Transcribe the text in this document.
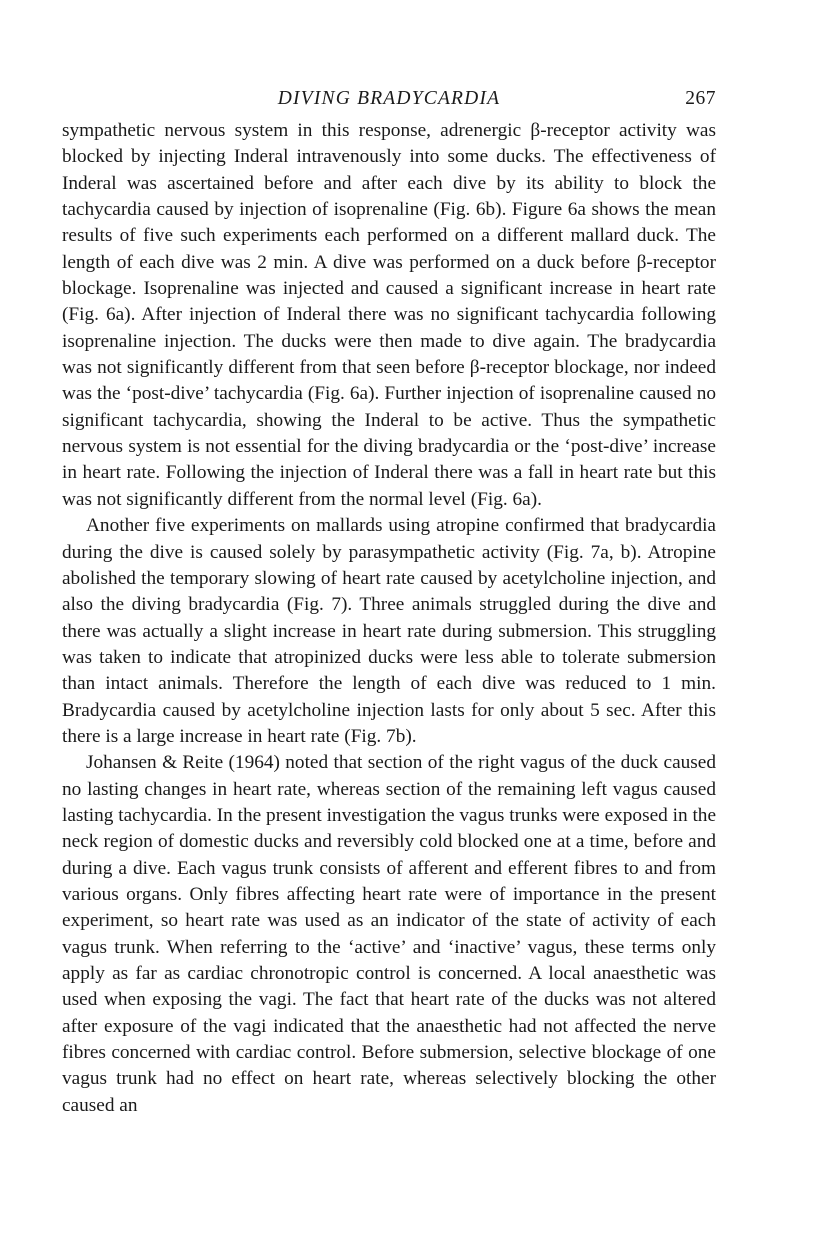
DIVING BRADYCARDIA	267

sympathetic nervous system in this response, adrenergic β-receptor activity was blocked by injecting Inderal intravenously into some ducks. The effectiveness of Inderal was ascertained before and after each dive by its ability to block the tachycardia caused by injection of isoprenaline (Fig. 6b). Figure 6a shows the mean results of five such experiments each performed on a different mallard duck. The length of each dive was 2 min. A dive was performed on a duck before β-receptor blockage. Isoprenaline was injected and caused a significant increase in heart rate (Fig. 6a). After injection of Inderal there was no significant tachycardia following isoprenaline injection. The ducks were then made to dive again. The bradycardia was not significantly different from that seen before β-receptor blockage, nor indeed was the ‘post-dive’ tachycardia (Fig. 6a). Further injection of isoprenaline caused no significant tachycardia, showing the Inderal to be active. Thus the sympathetic nervous system is not essential for the diving bradycardia or the ‘post-dive’ increase in heart rate. Following the injection of Inderal there was a fall in heart rate but this was not significantly different from the normal level (Fig. 6a).

Another five experiments on mallards using atropine confirmed that bradycardia during the dive is caused solely by parasympathetic activity (Fig. 7a, b). Atropine abolished the temporary slowing of heart rate caused by acetylcholine injection, and also the diving bradycardia (Fig. 7). Three animals struggled during the dive and there was actually a slight increase in heart rate during submersion. This struggling was taken to indicate that atropinized ducks were less able to tolerate submersion than intact animals. Therefore the length of each dive was reduced to 1 min. Bradycardia caused by acetylcholine injection lasts for only about 5 sec. After this there is a large increase in heart rate (Fig. 7b).

Johansen & Reite (1964) noted that section of the right vagus of the duck caused no lasting changes in heart rate, whereas section of the remaining left vagus caused lasting tachycardia. In the present investigation the vagus trunks were exposed in the neck region of domestic ducks and reversibly cold blocked one at a time, before and during a dive. Each vagus trunk consists of afferent and efferent fibres to and from various organs. Only fibres affecting heart rate were of importance in the present experiment, so heart rate was used as an indicator of the state of activity of each vagus trunk. When referring to the ‘active’ and ‘inactive’ vagus, these terms only apply as far as cardiac chronotropic control is concerned. A local anaesthetic was used when exposing the vagi. The fact that heart rate of the ducks was not altered after exposure of the vagi indicated that the anaesthetic had not affected the nerve fibres concerned with cardiac control. Before submersion, selective blockage of one vagus trunk had no effect on heart rate, whereas selectively blocking the other caused an
